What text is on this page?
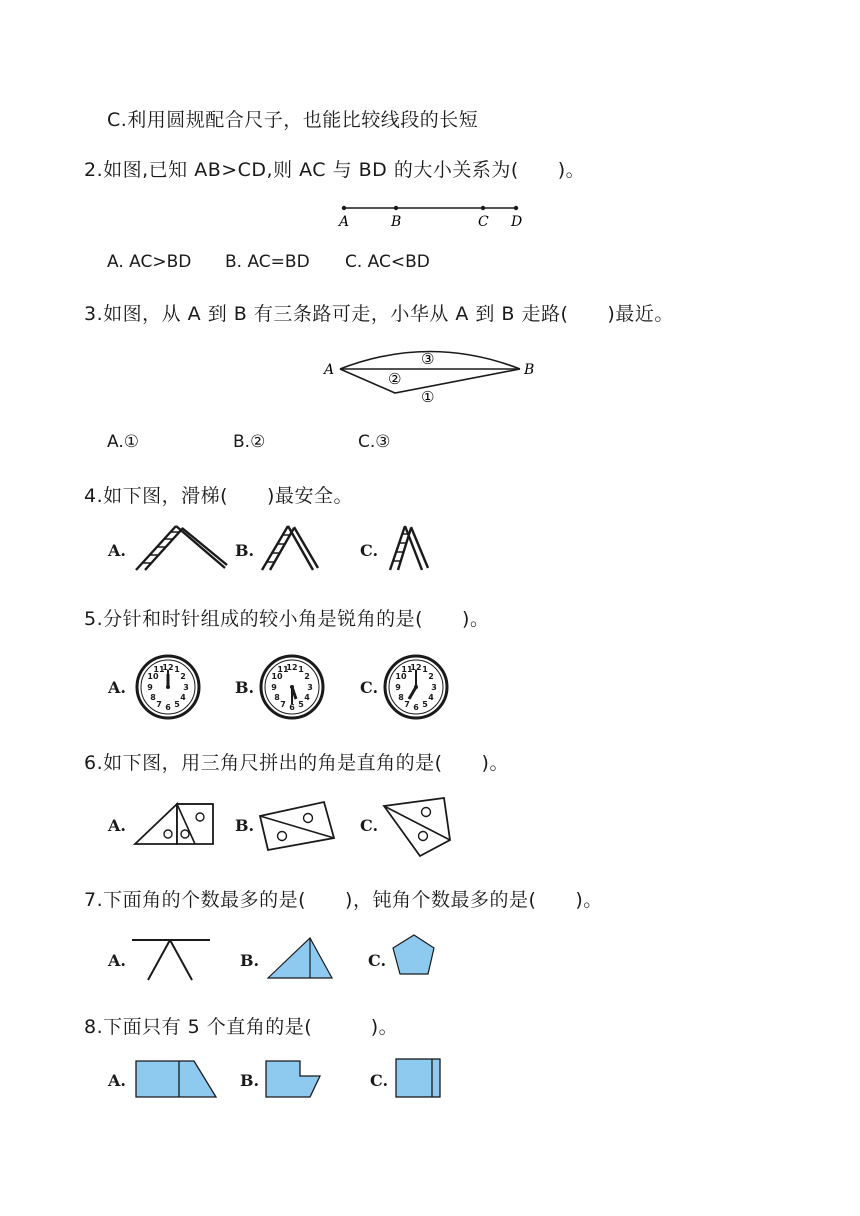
C.利用圆规配合尺子，也能比较线段的长短
2.如图,已知 AB>CD,则 AC 与 BD 的大小关系为(　　)。
A	B	C D
A. AC>BD B. AC=BD C. AC<BD
3.如图，从 A 到 B 有三条路可走，小华从 A 到 B 走路(　　)最近。
A	B
③
②
①
A.①	B.②	C.③
4.如下图，滑梯(　　)最安全。
A.	B.	C.
5.分针和时针组成的较小角是锐角的是(　　)。
A.
12 1
2
3
4
5
6
7
8
9
10
11
B.
12 1
2
3
4
5
6
7
8
9
10
11
C.
12 1
2
3
4
5
6
7
8
9
10
11
6.如下图，用三角尺拼出的角是直角的是(　　)。
A.	B.	C.
7.下面角的个数最多的是(　　)，钝角个数最多的是(　　)。
A.	B.	C.
8.下面只有 5 个直角的是(　　　)。
A.	B.	C.
